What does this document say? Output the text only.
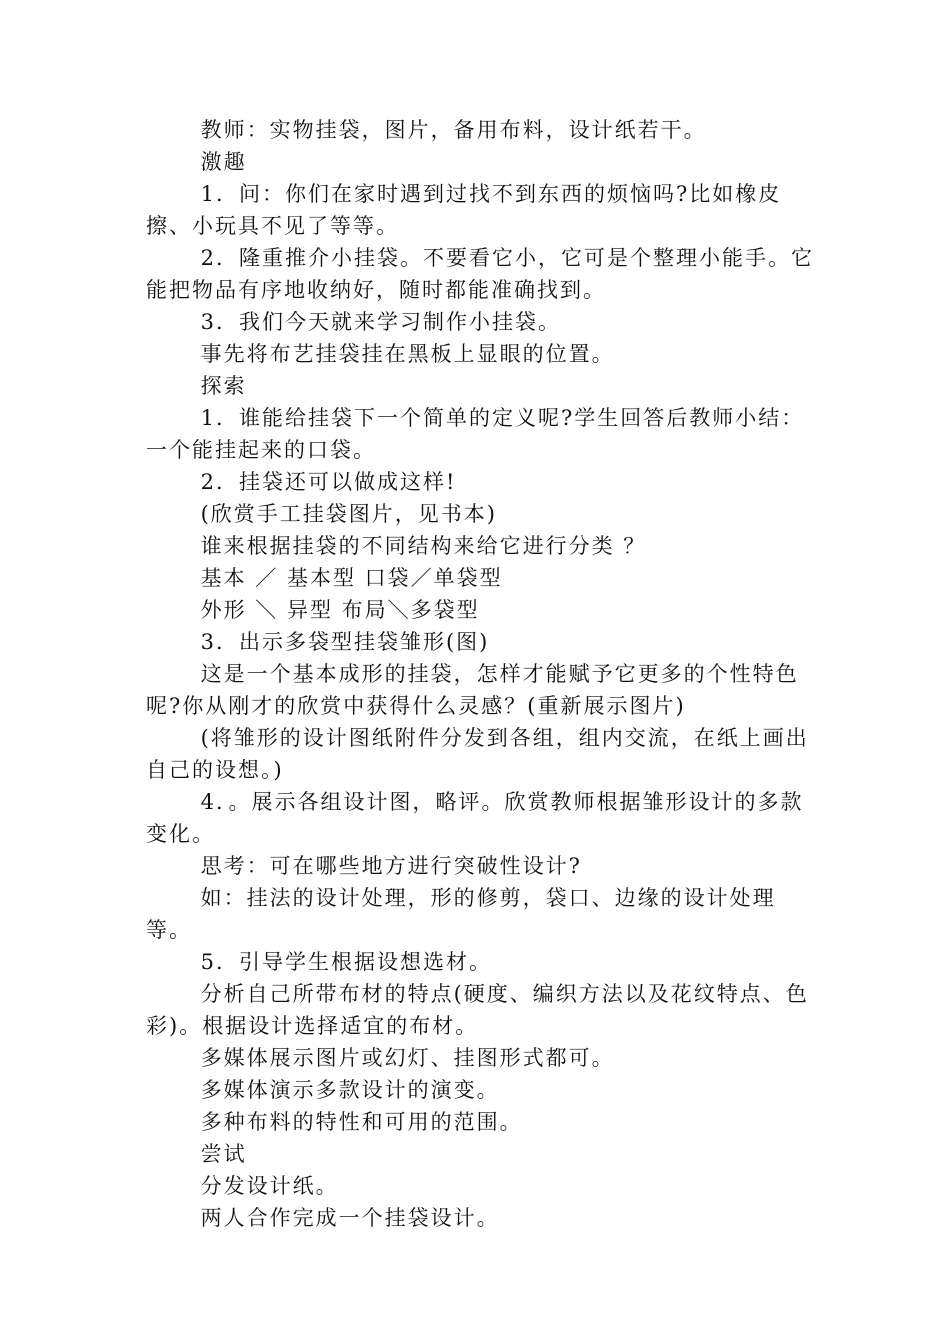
教师：实物挂袋，图片，备用布料，设计纸若干。

激趣

1．问：你们在家时遇到过找不到东西的烦恼吗?比如橡皮擦、小玩具不见了等等。

2．隆重推介小挂袋。不要看它小，它可是个整理小能手。它能把物品有序地收纳好，随时都能准确找到。

3．我们今天就来学习制作小挂袋。

事先将布艺挂袋挂在黑板上显眼的位置。

探索

1．谁能给挂袋下一个简单的定义呢?学生回答后教师小结：一个能挂起来的口袋。

2．挂袋还可以做成这样!

(欣赏手工挂袋图片，见书本)

谁来根据挂袋的不同结构来给它进行分类 ？

基本 ／ 基本型 口袋／单袋型

外形 ＼ 异型 布局＼多袋型

3．出示多袋型挂袋雏形(图)

这是一个基本成形的挂袋，怎样才能赋予它更多的个性特色呢?你从刚才的欣赏中获得什么灵感？(重新展示图片)

(将雏形的设计图纸附件分发到各组，组内交流，在纸上画出自己的设想。)

4．。展示各组设计图，略评。欣赏教师根据雏形设计的多款变化。

思考：可在哪些地方进行突破性设计?

如：挂法的设计处理，形的修剪，袋口、边缘的设计处理等。

5．引导学生根据设想选材。

分析自己所带布材的特点(硬度、编织方法以及花纹特点、色彩)。根据设计选择适宜的布材。

多媒体展示图片或幻灯、挂图形式都可。

多媒体演示多款设计的演变。

多种布料的特性和可用的范围。

尝试

分发设计纸。

两人合作完成一个挂袋设计。
